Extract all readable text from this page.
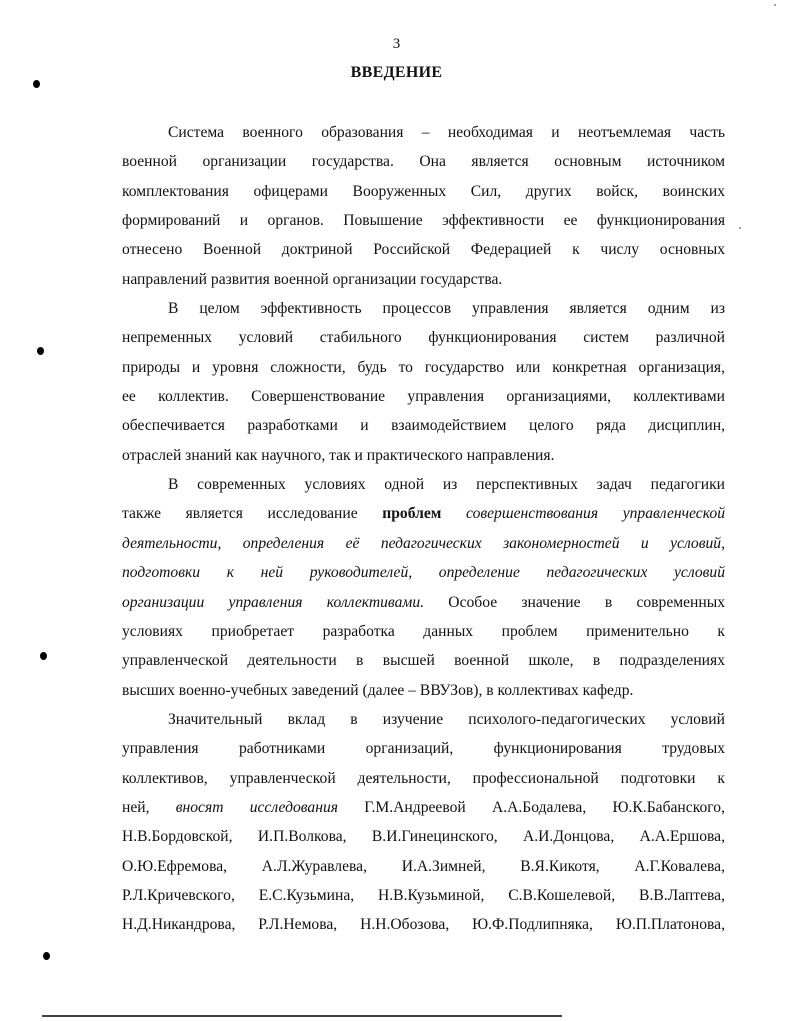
3
ВВЕДЕНИЕ
Система военного образования – необходимая и неотъемлемая часть
военной организации государства. Она является основным источником
комплектования офицерами Вооруженных Сил, других войск, воинских
формирований и органов. Повышение эффективности ее функционирования
отнесено Военной доктриной Российской Федерацией к числу основных
направлений развития военной организации государства.
В целом эффективность процессов управления является одним из
непременных условий стабильного функционирования систем различной
природы и уровня сложности, будь то государство или конкретная организация,
ее коллектив. Совершенствование управления организациями, коллективами
обеспечивается разработками и взаимодействием целого ряда дисциплин,
отраслей знаний как научного, так и практического направления.
В современных условиях одной из перспективных задач педагогики
также является исследование проблем совершенствования управленческой
деятельности, определения её педагогических закономерностей и условий,
подготовки к ней руководителей, определение педагогических условий
организации управления коллективами. Особое значение в современных
условиях приобретает разработка данных проблем применительно к
управленческой деятельности в высшей военной школе, в подразделениях
высших военно-учебных заведений (далее – ВВУЗов), в коллективах кафедр.
Значительный вклад в изучение психолого-педагогических условий
управления работниками организаций, функционирования трудовых
коллективов, управленческой деятельности, профессиональной подготовки к
ней, вносят исследования Г.М.Андреевой А.А.Бодалева, Ю.К.Бабанского,
Н.В.Бордовской, И.П.Волкова, В.И.Гинецинского, А.И.Донцова, А.А.Ершова,
О.Ю.Ефремова, А.Л.Журавлева, И.А.Зимней, В.Я.Кикотя, А.Г.Ковалева,
Р.Л.Кричевского, Е.С.Кузьмина, Н.В.Кузьминой, С.В.Кошелевой, В.В.Лаптева,
Н.Д.Никандрова, Р.Л.Немова, Н.Н.Обозова, Ю.Ф.Подлипняка, Ю.П.Платонова,
